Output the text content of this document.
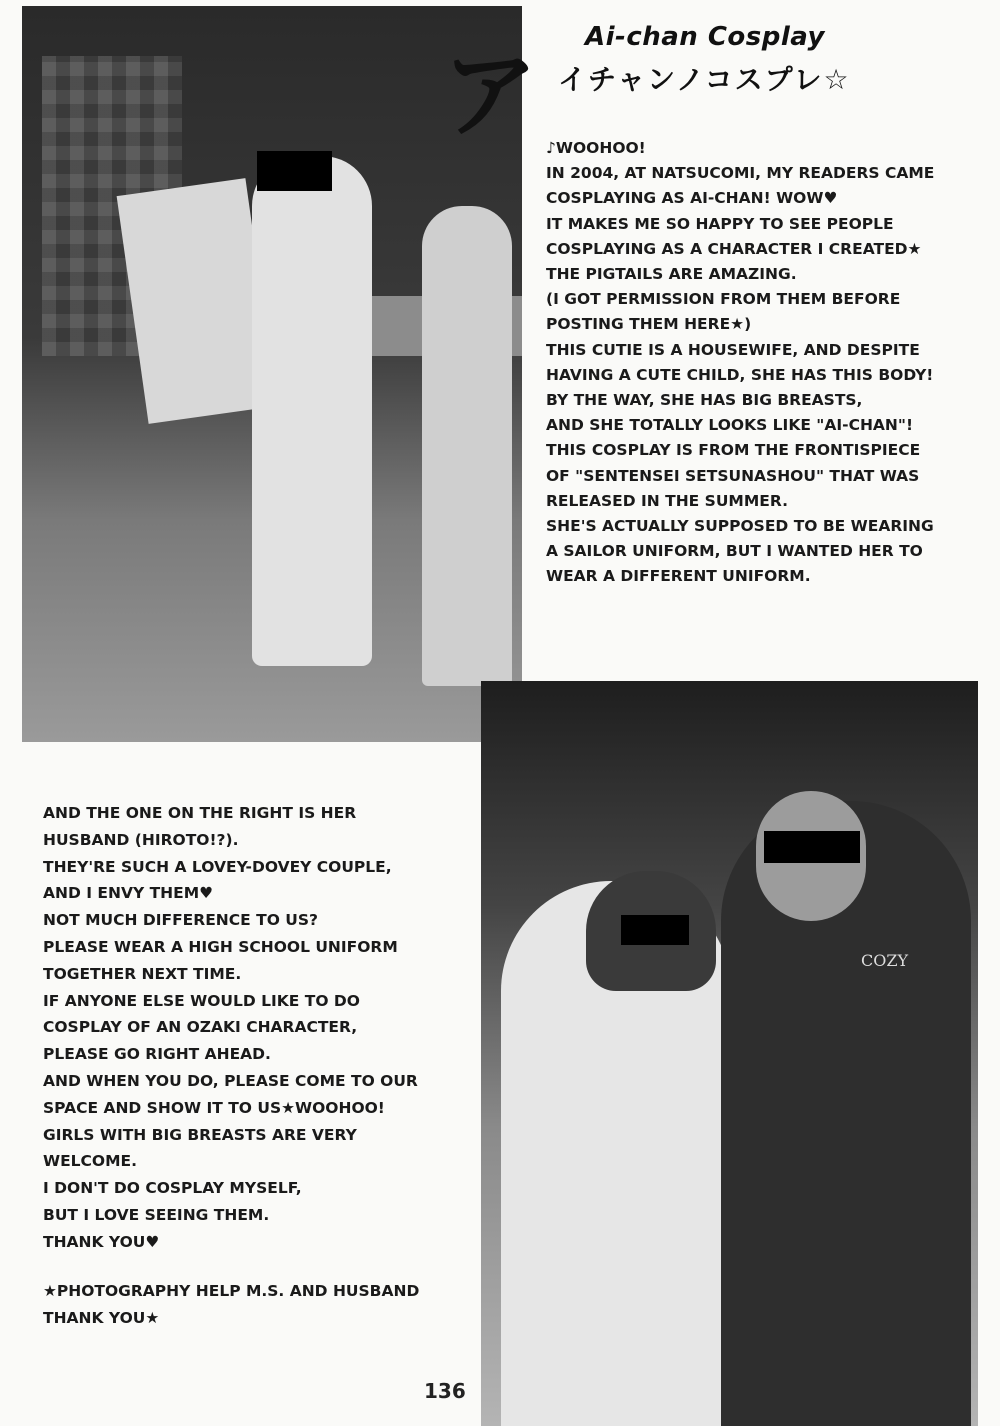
Ai-chan Cosplay
ア イチャンノコスプレ☆
♪WOOHOO!
IN 2004, AT NATSUCOMI, MY READERS CAME
COSPLAYING AS AI-CHAN! WOW♥
IT MAKES ME SO HAPPY TO SEE PEOPLE
COSPLAYING AS A CHARACTER I CREATED★
THE PIGTAILS ARE AMAZING.
(I GOT PERMISSION FROM THEM BEFORE
POSTING THEM HERE★)
THIS CUTIE IS A HOUSEWIFE, AND DESPITE
HAVING A CUTE CHILD, SHE HAS THIS BODY!
BY THE WAY, SHE HAS BIG BREASTS,
AND SHE TOTALLY LOOKS LIKE "AI-CHAN"!
THIS COSPLAY IS FROM THE FRONTISPIECE
OF "SENTENSEI SETSUNASHOU" THAT WAS
RELEASED IN THE SUMMER.
SHE'S ACTUALLY SUPPOSED TO BE WEARING
A SAILOR UNIFORM, BUT I WANTED HER TO
WEAR A DIFFERENT UNIFORM.
COZY
AND THE ONE ON THE RIGHT IS HER
HUSBAND (HIROTO!?).
THEY'RE SUCH A LOVEY-DOVEY COUPLE,
AND I ENVY THEM♥
NOT MUCH DIFFERENCE TO US?
PLEASE WEAR A HIGH SCHOOL UNIFORM
TOGETHER NEXT TIME.
IF ANYONE ELSE WOULD LIKE TO DO
COSPLAY OF AN OZAKI CHARACTER,
PLEASE GO RIGHT AHEAD.
AND WHEN YOU DO, PLEASE COME TO OUR
SPACE AND SHOW IT TO US★WOOHOO!
GIRLS WITH BIG BREASTS ARE VERY
WELCOME.
I DON'T DO COSPLAY MYSELF,
BUT I LOVE SEEING THEM.
THANK YOU♥
★PHOTOGRAPHY HELP M.S. AND HUSBAND
THANK YOU★
136
